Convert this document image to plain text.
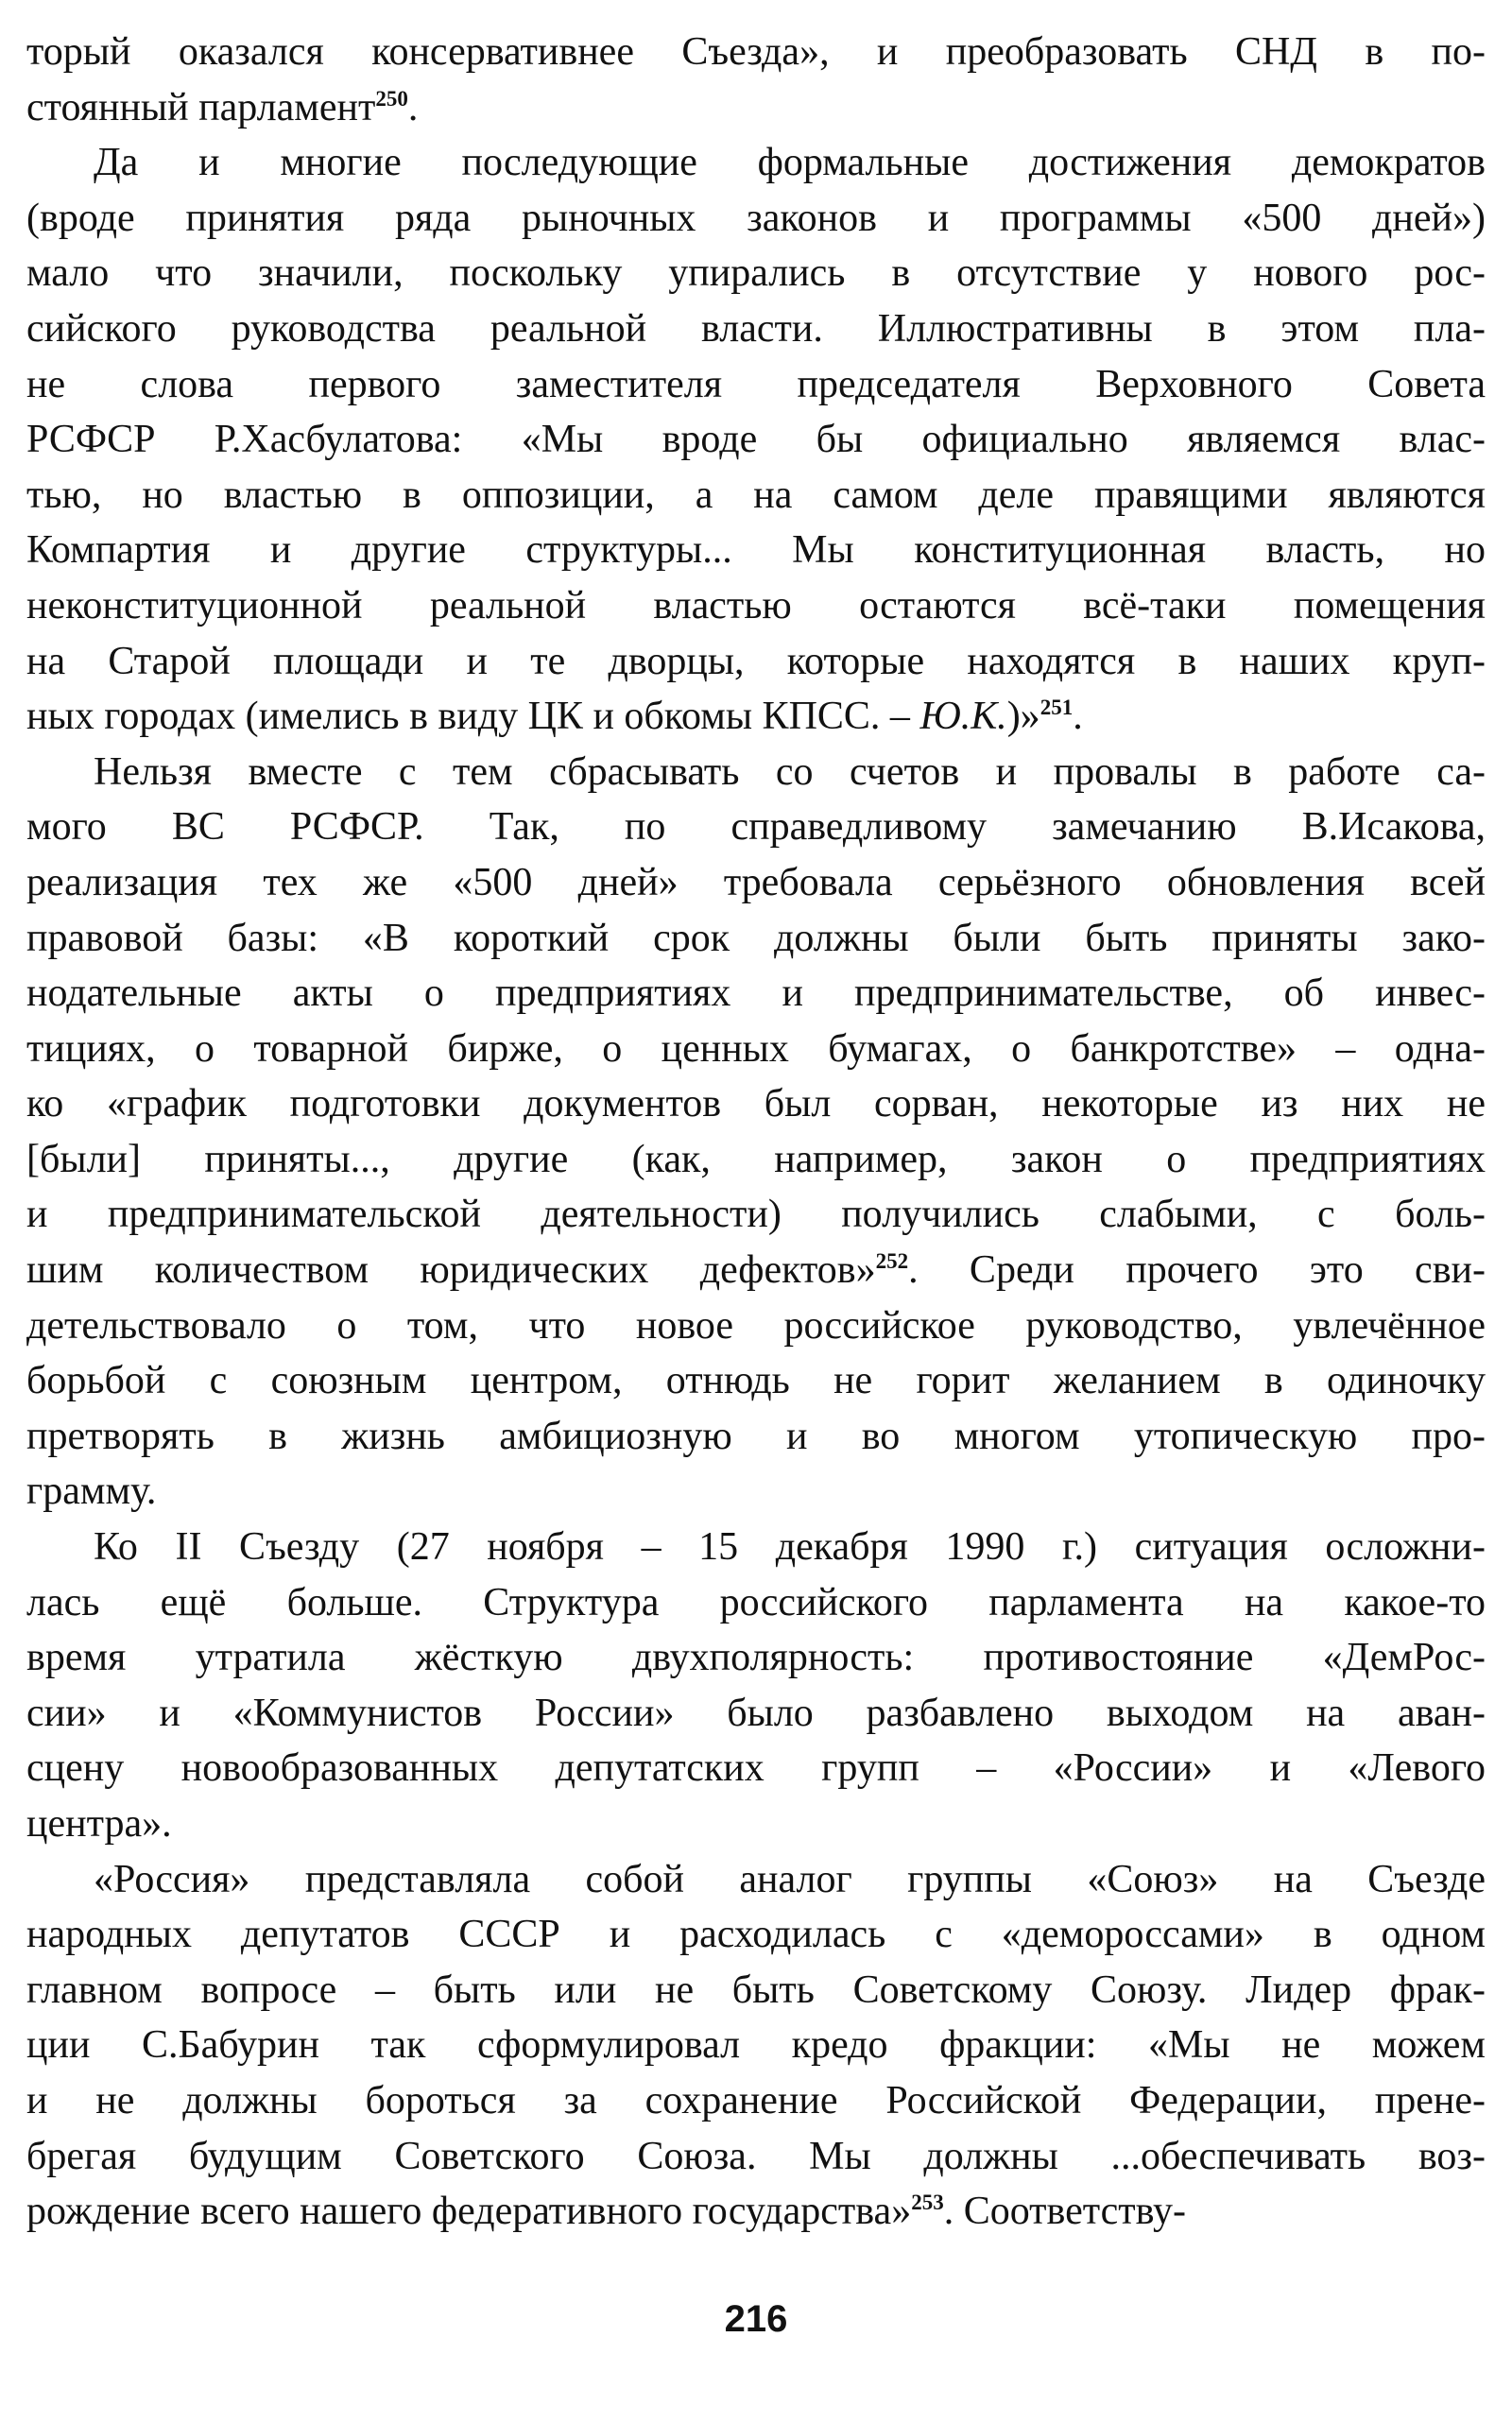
торый оказался консервативнее Съезда», и преобразовать СНД в по-
стоянный парламент$^{250}$.
Да и многие последующие формальные достижения демократов
(вроде принятия ряда рыночных законов и программы «500 дней»)
мало что значили, поскольку упирались в отсутствие у нового рос-
сийского руководства реальной власти. Иллюстративны в этом пла-
не слова первого заместителя председателя Верховного Совета
РСФСР Р.Хасбулатова: «Мы вроде бы официально являемся влас-
тью, но властью в оппозиции, а на самом деле правящими являются
Компартия и другие структуры... Мы конституционная власть, но
неконституционной реальной властью остаются всё-таки помещения
на Старой площади и те дворцы, которые находятся в наших круп-
ных городах (имелись в виду ЦК и обкомы КПСС. – Ю.К.)»$^{251}$.
Нельзя вместе с тем сбрасывать со счетов и провалы в работе са-
мого ВС РСФСР. Так, по справедливому замечанию В.Исакова,
реализация тех же «500 дней» требовала серьёзного обновления всей
правовой базы: «В короткий срок должны были быть приняты зако-
нодательные акты о предприятиях и предпринимательстве, об инвес-
тициях, о товарной бирже, о ценных бумагах, о банкротстве» – одна-
ко «график подготовки документов был сорван, некоторые из них не
[были] приняты..., другие (как, например, закон о предприятиях
и предпринимательской деятельности) получились слабыми, с боль-
шим количеством юридических дефектов»$^{252}$. Среди прочего это сви-
детельствовало о том, что новое российское руководство, увлечённое
борьбой с союзным центром, отнюдь не горит желанием в одиночку
претворять в жизнь амбициозную и во многом утопическую про-
грамму.
Ко II Съезду (27 ноября – 15 декабря 1990 г.) ситуация осложни-
лась ещё больше. Структура российского парламента на какое-то
время утратила жёсткую двухполярность: противостояние «ДемРос-
сии» и «Коммунистов России» было разбавлено выходом на аван-
сцену новообразованных депутатских групп – «России» и «Левого
центра».
«Россия» представляла собой аналог группы «Союз» на Съезде
народных депутатов СССР и расходилась с «демороссами» в одном
главном вопросе – быть или не быть Советскому Союзу. Лидер фрак-
ции С.Бабурин так сформулировал кредо фракции: «Мы не можем
и не должны бороться за сохранение Российской Федерации, прене-
брегая будущим Советского Союза. Мы должны ...обеспечивать воз-
рождение всего нашего федеративного государства»$^{253}$. Соответству-
216
